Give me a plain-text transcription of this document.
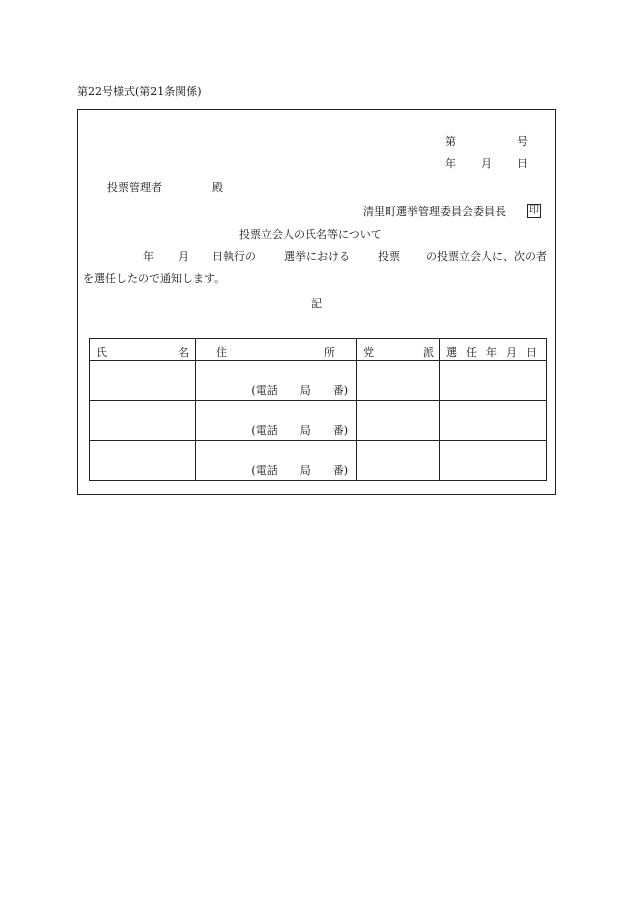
第22号様式(第21条関係)
第	号
年 月 日
投票管理者	殿
清里町選挙管理委員会委員長 印
投票立会人の氏名等について
年 月 日執行の	選挙における	投票 の投票立会人に、次の者
を選任したので通知します。
記
氏 名	住 所	党 派	選 任 年 月 日

	(電話　　 局　　 番)		

	(電話　　 局　　 番)		

	(電話　　 局　　 番)		
